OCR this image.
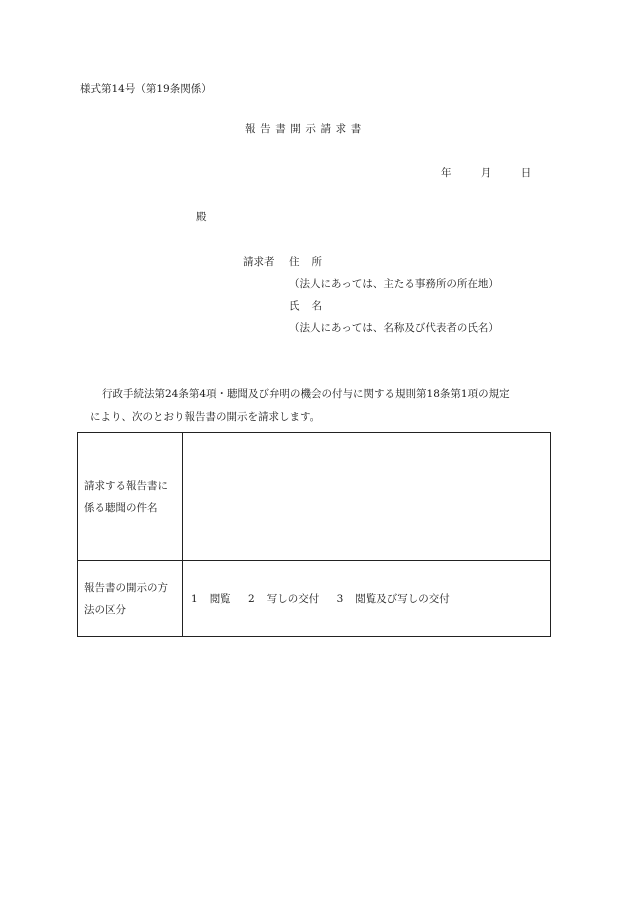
様式第14号（第19条関係）
報告書開示請求書
年	月	日
殿
請求者 住所
（法人にあっては、主たる事務所の所在地）
氏名
（法人にあっては、名称及び代表者の氏名）
行政手続法第24条第4項・聴聞及び弁明の機会の付与に関する規則第18条第1項の規定
により、次のとおり報告書の開示を請求します。
請求する報告書に
係る聴聞の件名	

報告書の開示の方
法の区分	1 閲覧 2 写しの交付 3 閲覧及び写しの交付
